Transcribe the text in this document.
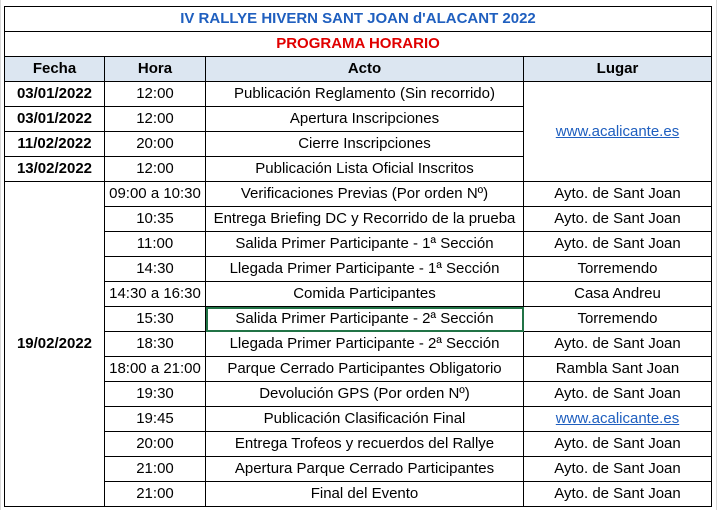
IV RALLYE HIVERN SANT JOAN d'ALACANT 2022			
PROGRAMA HORARIO			
Fecha	Hora	Acto	Lugar
03/01/2022	12:00	Publicación Reglamento (Sin recorrido)	www.acalicante.es
03/01/2022	12:00	Apertura Inscripciones	
11/02/2022	20:00	Cierre Inscripciones	
13/02/2022	12:00	Publicación Lista Oficial Inscritos	
19/02/2022	09:00 a 10:30	Verificaciones Previas (Por orden Nº)	Ayto. de Sant Joan
	10:35	Entrega Briefing DC y Recorrido de la prueba	Ayto. de Sant Joan
	11:00	Salida Primer Participante - 1ª Sección	Ayto. de Sant Joan
	14:30	Llegada Primer Participante - 1ª Sección	Torremendo
	14:30 a 16:30	Comida Participantes	Casa Andreu
	15:30	Salida Primer Participante - 2ª Sección	Torremendo
	18:30	Llegada Primer Participante - 2ª Sección	Ayto. de Sant Joan
	18:00 a 21:00	Parque Cerrado Participantes Obligatorio	Rambla Sant Joan
	19:30	Devolución GPS (Por orden Nº)	Ayto. de Sant Joan
	19:45	Publicación Clasificación Final	www.acalicante.es
	20:00	Entrega Trofeos y recuerdos del Rallye	Ayto. de Sant Joan
	21:00	Apertura Parque Cerrado Participantes	Ayto. de Sant Joan
	21:00	Final del Evento	Ayto. de Sant Joan
